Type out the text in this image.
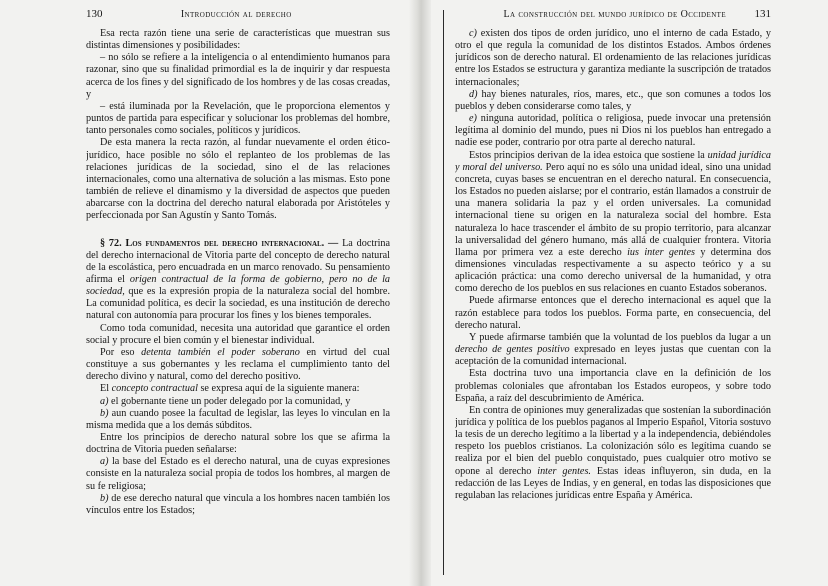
130	Introducción al derecho

Esa recta razón tiene una serie de características que muestran sus distintas dimensiones y posibilidades:

– no sólo se refiere a la inteligencia o al entendimiento humanos para razonar, sino que su finalidad primordial es la de inquirir y dar respuesta acerca de los fines y del significado de los hombres y de las cosas creadas, y

– está iluminada por la Revelación, que le proporciona elementos y puntos de partida para especificar y solucionar los problemas del hombre, tanto personales como sociales, políticos y jurídicos.

De esta manera la recta razón, al fundar nuevamente el orden ético-jurídico, hace posible no sólo el replanteo de los problemas de las relaciones jurídicas de la sociedad, sino el de las relaciones internacionales, como una alternativa de solución a las mismas. Esto pone también de relieve el dinamismo y la diversidad de aspectos que pueden abarcarse con la doctrina del derecho natural elaborada por Aristóteles y perfeccionada por San Agustín y Santo Tomás.

§ 72. Los fundamentos del derecho internacional. — La doctrina del derecho internacional de Vitoria parte del concepto de derecho natural de la escolástica, pero encuadrada en un marco renovado. Su pensamiento afirma el origen contractual de la forma de gobierno, pero no de la sociedad, que es la expresión propia de la naturaleza social del hombre. La comunidad política, es decir la sociedad, es una institución de derecho natural con autonomía para procurar los fines y los bienes temporales.

Como toda comunidad, necesita una autoridad que garantice el orden social y procure el bien común y el bienestar individual.

Por eso detenta también el poder soberano en virtud del cual constituye a sus gobernantes y les reclama el cumplimiento tanto del derecho divino y natural, como del derecho positivo.

El concepto contractual se expresa aquí de la siguiente manera:

a) el gobernante tiene un poder delegado por la comunidad, y

b) aun cuando posee la facultad de legislar, las leyes lo vinculan en la misma medida que a los demás súbditos.

Entre los principios de derecho natural sobre los que se afirma la doctrina de Vitoria pueden señalarse:

a) la base del Estado es el derecho natural, una de cuyas expresiones consiste en la naturaleza social propia de todos los hombres, al margen de su fe religiosa;

b) de ese derecho natural que vincula a los hombres nacen también los vínculos entre los Estados;

La construcción del mundo jurídico de Occidente	131

c) existen dos tipos de orden jurídico, uno el interno de cada Estado, y otro el que regula la comunidad de los distintos Estados. Ambos órdenes jurídicos son de derecho natural. El ordenamiento de las relaciones jurídicas entre los Estados se estructura y garantiza mediante la suscripción de tratados internacionales;

d) hay bienes naturales, ríos, mares, etc., que son comunes a todos los pueblos y deben considerarse como tales, y

e) ninguna autoridad, política o religiosa, puede invocar una pretensión legítima al dominio del mundo, pues ni Dios ni los pueblos han entregado a nadie ese poder, contrario por otra parte al derecho natural.

Estos principios derivan de la idea estoica que sostiene la unidad jurídica y moral del universo. Pero aquí no es sólo una unidad ideal, sino una unidad concreta, cuyas bases se encuentran en el derecho natural. En consecuencia, los Estados no pueden aislarse; por el contrario, están llamados a construir de una manera solidaria la paz y el orden universales. La comunidad internacional tiene su origen en la naturaleza social del hombre. Esta naturaleza lo hace trascender el ámbito de su propio territorio, para alcanzar la universalidad del género humano, más allá de cualquier frontera. Vitoria llama por primera vez a este derecho ius inter gentes y determina dos dimensiones vinculadas respectivamente a su aspecto teórico y a su aplicación práctica: una como derecho universal de la humanidad, y otra como derecho de los pueblos en sus relaciones en cuanto Estados soberanos.

Puede afirmarse entonces que el derecho internacional es aquel que la razón establece para todos los pueblos. Forma parte, en consecuencia, del derecho natural.

Y puede afirmarse también que la voluntad de los pueblos da lugar a un derecho de gentes positivo expresado en leyes justas que cuentan con la aceptación de la comunidad internacional.

Esta doctrina tuvo una importancia clave en la definición de los problemas coloniales que afrontaban los Estados europeos, y sobre todo España, a raíz del descubrimiento de América.

En contra de opiniones muy generalizadas que sostenían la subordinación jurídica y política de los pueblos paganos al Imperio Español, Vitoria sostuvo la tesis de un derecho legítimo a la libertad y a la independencia, debiéndoles respeto los pueblos cristianos. La colonización sólo es legítima cuando se realiza por el bien del pueblo conquistado, pues cualquier otro motivo se opone al derecho inter gentes. Estas ideas influyeron, sin duda, en la redacción de las Leyes de Indias, y en general, en todas las disposiciones que regulaban las relaciones jurídicas entre España y América.
